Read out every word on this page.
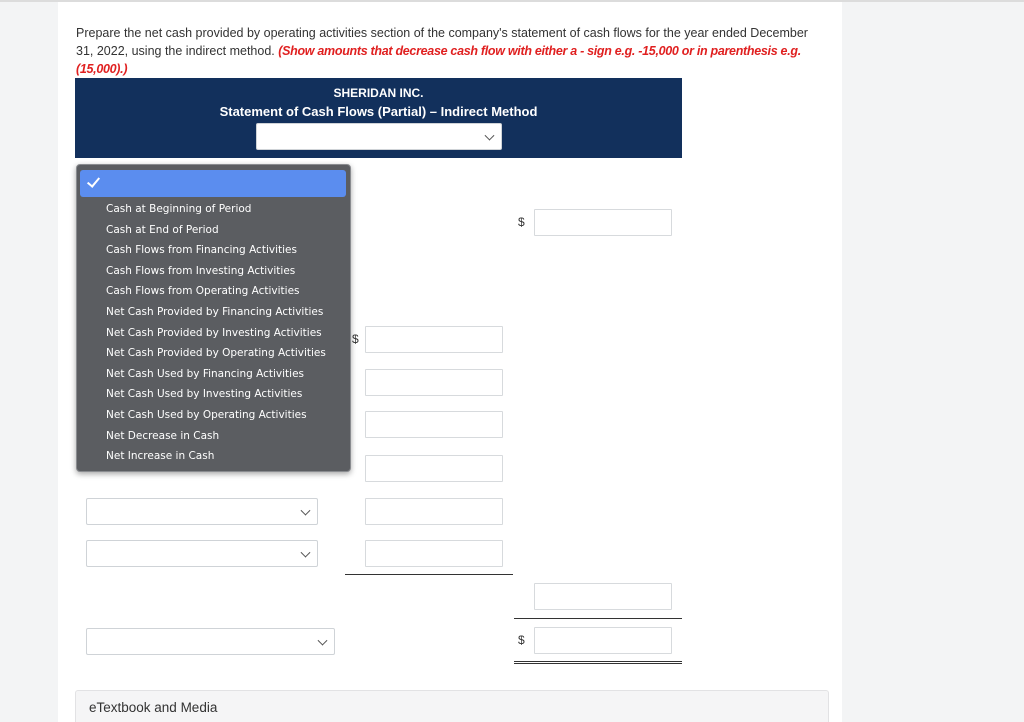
Prepare the net cash provided by operating activities section of the company's statement of cash flows for the year ended December 31, 2022, using the indirect method. (Show amounts that decrease cash flow with either a - sign e.g. -15,000 or in parenthesis e.g. (15,000).)
SHERIDAN INC.
Statement of Cash Flows (Partial) – Indirect Method
$
$
$
Cash at Beginning of Period
Cash at End of Period
Cash Flows from Financing Activities
Cash Flows from Investing Activities
Cash Flows from Operating Activities
Net Cash Provided by Financing Activities
Net Cash Provided by Investing Activities
Net Cash Provided by Operating Activities
Net Cash Used by Financing Activities
Net Cash Used by Investing Activities
Net Cash Used by Operating Activities
Net Decrease in Cash
Net Increase in Cash
eTextbook and Media
